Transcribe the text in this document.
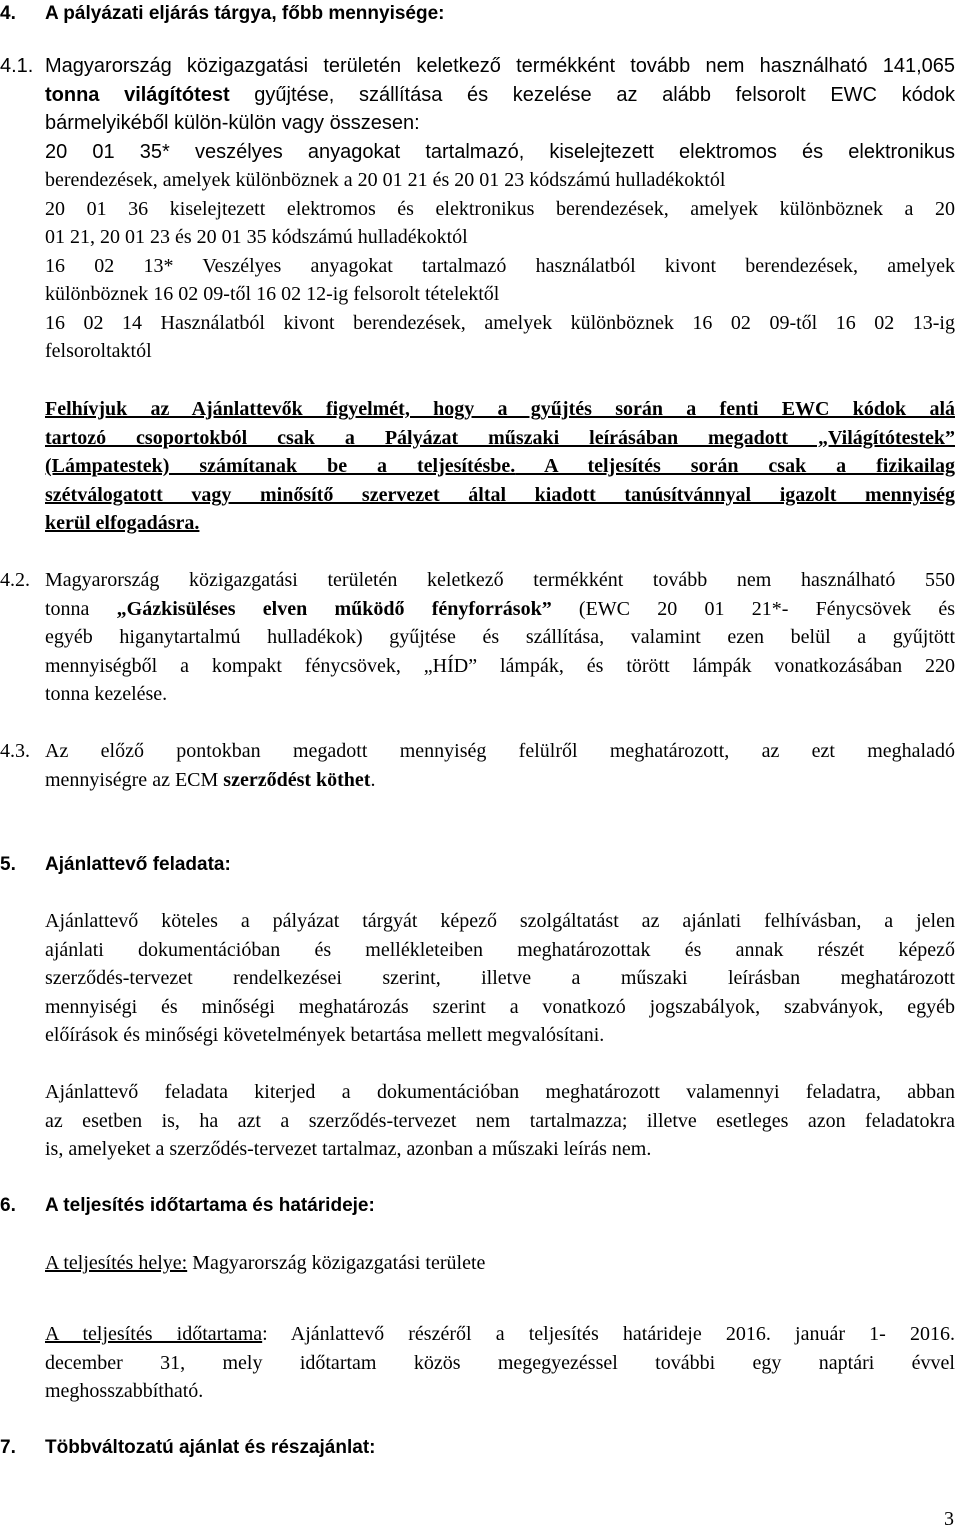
4. A pályázati eljárás tárgya, főbb mennyisége:
4.1. Magyarország közigazgatási területén keletkező termékként tovább nem használható 141,065
tonna világítótest gyűjtése, szállítása és kezelése az alább felsorolt EWC kódok
bármelyikéből külön-külön vagy összesen:
20 01 35* veszélyes anyagokat tartalmazó, kiselejtezett elektromos és elektronikus
berendezések, amelyek különböznek a 20 01 21 és 20 01 23 kódszámú hulladékoktól
20 01 36 kiselejtezett elektromos és elektronikus berendezések, amelyek különböznek a 20
01 21, 20 01 23 és 20 01 35 kódszámú hulladékoktól
16 02 13* Veszélyes anyagokat tartalmazó használatból kivont berendezések, amelyek
különböznek 16 02 09-től 16 02 12-ig felsorolt tételektől
16 02 14 Használatból kivont berendezések, amelyek különböznek 16 02 09-től 16 02 13-ig
felsoroltaktól
Felhívjuk az Ajánlattevők figyelmét, hogy a gyűjtés során a fenti EWC kódok alá
tartozó csoportokból csak a Pályázat műszaki leírásában megadott „Világítótestek”
(Lámpatestek) számítanak be a teljesítésbe. A teljesítés során csak a fizikailag
szétválogatott vagy minősítő szervezet által kiadott tanúsítvánnyal igazolt mennyiség
kerül elfogadásra.
4.2. Magyarország közigazgatási területén keletkező termékként tovább nem használható 550
tonna „Gázkisüléses elven működő fényforrások” (EWC 20 01 21*- Fénycsövek és
egyéb higanytartalmú hulladékok) gyűjtése és szállítása, valamint ezen belül a gyűjtött
mennyiségből a kompakt fénycsövek, „HÍD” lámpák, és törött lámpák vonatkozásában 220
tonna kezelése.
4.3. Az előző pontokban megadott mennyiség felülről meghatározott, az ezt meghaladó
mennyiségre az ECM szerződést köthet.
5. Ajánlattevő feladata:
Ajánlattevő köteles a pályázat tárgyát képező szolgáltatást az ajánlati felhívásban, a jelen
ajánlati dokumentációban és mellékleteiben meghatározottak és annak részét képező
szerződés-tervezet rendelkezései szerint, illetve a műszaki leírásban meghatározott
mennyiségi és minőségi meghatározás szerint a vonatkozó jogszabályok, szabványok, egyéb
előírások és minőségi követelmények betartása mellett megvalósítani.
Ajánlattevő feladata kiterjed a dokumentációban meghatározott valamennyi feladatra, abban
az esetben is, ha azt a szerződés-tervezet nem tartalmazza; illetve esetleges azon feladatokra
is, amelyeket a szerződés-tervezet tartalmaz, azonban a műszaki leírás nem.
6. A teljesítés időtartama és határideje:
A teljesítés helye: Magyarország közigazgatási területe
A teljesítés időtartama: Ajánlattevő részéről a teljesítés határideje 2016. január 1- 2016.
december 31, mely időtartam közös megegyezéssel további egy naptári évvel
meghosszabbítható.
7. Többváltozatú ajánlat és részajánlat:
3
